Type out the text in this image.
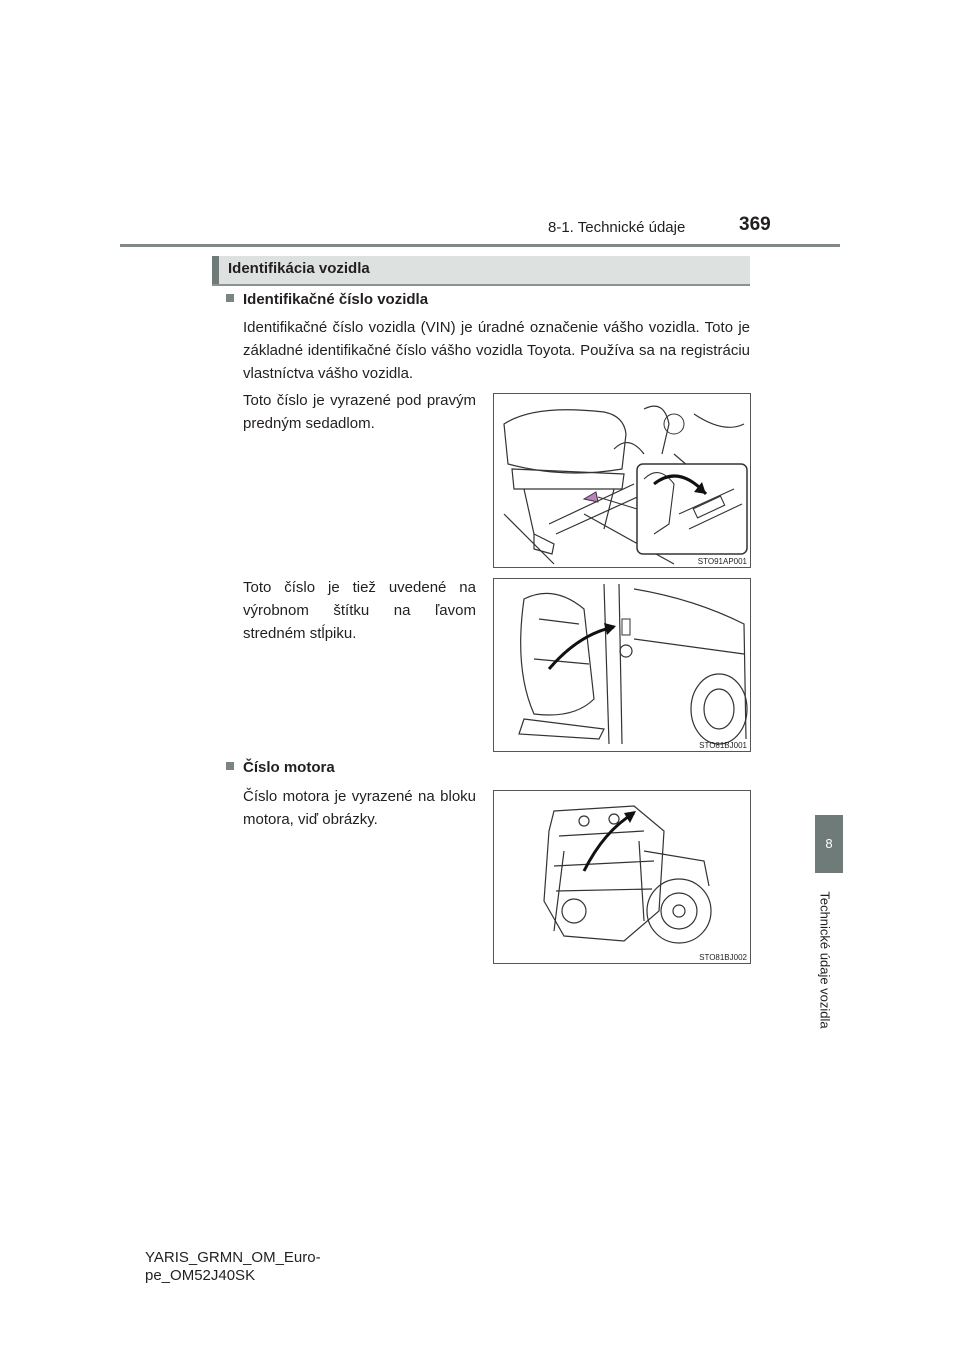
8-1. Technické údaje	369
8
Technické údaje vozidla
Identifikácia vozidla
Identifikačné číslo vozidla
Identifikačné číslo vozidla (VIN) je úradné označenie vášho vozidla. Toto je základné identifikačné číslo vášho vozidla Toyota. Používa sa na registráciu vlastníctva vášho vozidla.
Toto číslo je vyrazené pod pravým predným sedadlom.
Toto číslo je tiež uvedené na výrobnom štítku na ľavom stredném stĺpiku.
STO91AP001
STO81BJ001
Číslo motora
Číslo motora je vyrazené na bloku motora, viď obrázky.
STO81BJ002
YARIS_GRMN_OM_Euro-
pe_OM52J40SK
